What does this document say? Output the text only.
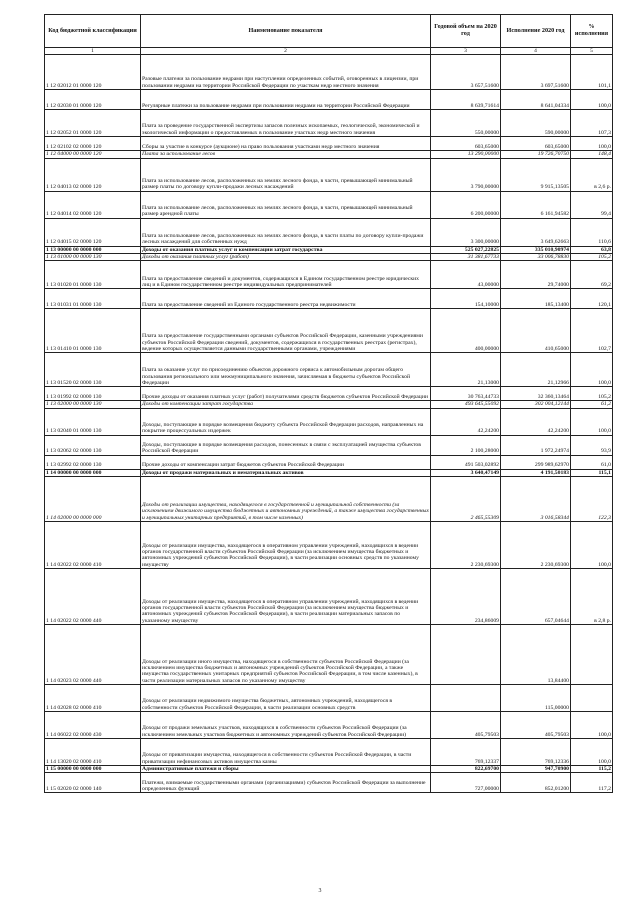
Код бюджетной классификации	Наименование показателя	Годовой объем на 2020 год	Исполнение 2020 год	% исполнения
1	2	3	4	5
1 12 02012 01 0000 120	Разовые платежи за пользование недрами при наступлении определенных событий, оговоренных в лицензии, при пользовании недрами на территории Российской Федерации по участкам недр местного значения	3 657,51600	3 697,51600	101,1
1 12 02030 01 0000 120	Регулярные платежи за пользование недрами при пользовании недрами на территории Российской Федерации	8 639,71614	8 641,04334	100,0
1 12 02052 01 0000 120	Плата за проведение государственной экспертизы запасов полезных ископаемых, геологической, экономической и экологической информации о предоставляемых в пользование участках недр местного значения	550,00000	590,00000	107,3
1 12 02102 02 0000 120	Сборы за участие в конкурсе (аукционе) на право пользования участками недр местного значения	603,65000	603,65000	100,0
1 12 04000 00 0000 120	Плата за использование лесов	13 290,00000	19 726,70750	148,4
1 12 04013 02 0000 120	Плата за использование лесов, расположенных на землях лесного фонда, в части, превышающей минимальный размер платы по договору купли-продажи лесных насаждений	3 790,00000	9 915,13505	в 2,6 р.
1 12 04014 02 0000 120	Плата за использование лесов, расположенных на землях лесного фонда, в части, превышающей минимальный размер арендной платы	6 200,00000	6 161,94582	99,4
1 12 04015 02 0000 120	Плата за использование лесов, расположенных на землях лесного фонда, в части платы по договору купли-продажи лесных насаждений для собственных нужд	3 300,00000	3 649,62663	110,6
1 13 00000 00 0000 000	Доходы от оказания платных услуг и компенсации затрат государства	525 027,22825	335 010,90974	63,8
1 13 01000 00 0000 130	Доходы от оказания платных услуг (работ)	31 381,67733	33 006,78830	105,2
1 13 01020 01 0000 130	Плата за предоставление сведений и документов, содержащихся в Едином государственном реестре юридических лиц и в Едином государственном реестре индивидуальных предпринимателей	43,00000	29,74000	69,2
1 13 01031 01 0000 130	Плата за предоставление сведений из Единого государственного реестра недвижимости	154,10000	185,13400	120,1
1 13 01410 01 0000 130	Плата за предоставление государственными органами субъектов Российской Федерации, казенными учреждениями субъектов Российской Федерации сведений, документов, содержащихся в государственных реестрах (регистрах), ведение которых осуществляется данными государственными органами, учреждениями	400,00000	410,65000	102,7
1 13 01520 02 0000 130	Плата за оказание услуг по присоединению объектов дорожного сервиса к автомобильным дорогам общего пользования регионального или межмуниципального значения, зачисляемая в бюджеты субъектов Российской Федерации	21,13000	21,12966	100,0
1 13 01992 02 0000 130	Прочие доходы от оказания платных услуг (работ) получателями средств бюджетов субъектов Российской Федерации	30 763,44733	32 360,13464	105,2
1 13 02000 00 0000 130	Доходы от компенсации затрат государства	493 645,55092	302 004,12144	61,2
1 13 02040 01 0000 130	Доходы, поступающие в порядке возмещения бюджету субъекта Российской Федерации расходов, направленных на покрытие процессуальных издержек	42,24200	42,24200	100,0
1 13 02062 02 0000 130	Доходы, поступающие в порядке возмещения расходов, понесенных в связи с эксплуатацией имущества субъектов Российской Федерации	2 100,28000	1 972,24974	93,9
1 13 02992 02 0000 130	Прочие доходы от компенсации затрат бюджетов субъектов Российской Федерации	491 503,02892	299 989,62970	61,0
1 14 00000 00 0000 000	Доходы от продажи материальных и нематериальных активов	3 640,47149	4 191,50183	115,1
1 14 02000 00 0000 000	Доходы от реализации имущества, находящегося в государственной и муниципальной собственности (за исключением движимого имущества бюджетных и автономных учреждений, а также имущества государственных и муниципальных унитарных предприятий, в том числе казенных)	2 465,55309	3 016,58344	122,3
1 14 02022 02 0000 410	Доходы от реализации имущества, находящегося в оперативном управлении учреждений, находящихся в ведении органов государственной власти субъектов Российской Федерации (за исключением имущества бюджетных и автономных учреждений субъектов Российской Федерации), в части реализации основных средств по указанному имуществу	2 230,69300	2 230,69300	100,0
1 14 02022 02 0000 440	Доходы от реализации имущества, находящегося в оперативном управлении учреждений, находящихся в ведении органов государственной власти субъектов Российской Федерации (за исключением имущества бюджетных и автономных учреждений субъектов Российской Федерации), в части реализации материальных запасов по указанному имуществу	234,86009	657,04644	в 2,8 р.
1 14 02023 02 0000 440	Доходы от реализации иного имущества, находящегося в собственности субъектов Российской Федерации (за исключением имущества бюджетных и автономных учреждений субъектов Российской Федерации, а также имущества государственных унитарных предприятий субъектов Российской Федерации, в том числе казенных), в части реализации материальных запасов по указанному имуществу		13,84400	
1 14 02028 02 0000 410	Доходы от реализации недвижимого имущества бюджетных, автономных учреждений, находящегося в собственности субъектов Российской Федерации, в части реализации основных средств		115,00000	
1 14 06022 02 0000 430	Доходы от продажи земельных участков, находящихся в собственности субъектов Российской Федерации (за исключением земельных участков бюджетных и автономных учреждений субъектов Российской Федерации)	405,79503	405,79503	100,0
1 14 13020 02 0000 410	Доходы от приватизации имущества, находящегося в собственности субъектов Российской Федерации, в части приватизации нефинансовых активов имущества казны	769,12337	769,12336	100,0
1 15 00000 00 0000 000	Административные платежи и сборы	822,69700	947,70900	115,2
1 15 02020 02 0000 140	Платежи, взимаемые государственными органами (организациями) субъектов Российской Федерации за выполнение определенных функций	727,00000	852,01200	117,2
3
